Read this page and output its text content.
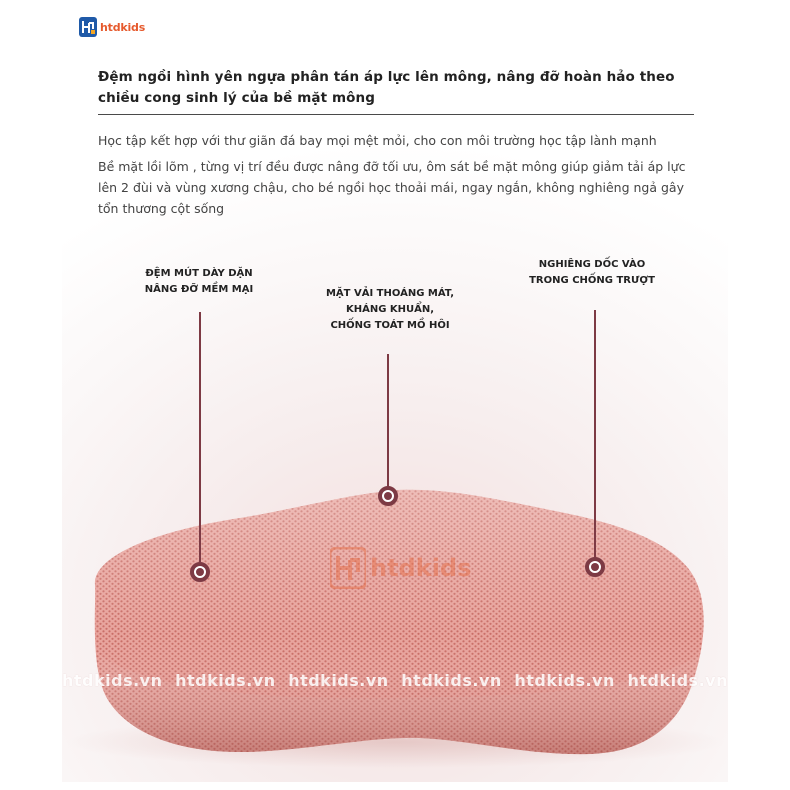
htdkids
Đệm ngồi hình yên ngựa phân tán áp lực lên mông, nâng đỡ hoàn hảo theo chiều cong sinh lý của bề mặt mông
Học tập kết hợp với thư giãn đá bay mọi mệt mỏi, cho con môi trường học tập lành mạnh
Bề mặt lồi lõm , từng vị trí đều được nâng đỡ tối ưu, ôm sát bề mặt mông giúp giảm tải áp lực lên 2 đùi và vùng xương chậu, cho bé ngồi học thoải mái, ngay ngắn, không nghiêng ngả gây tổn thương cột sống
ĐỆM MÚT DÀY DẶN
NÂNG ĐỠ MỀM MẠI	MẶT VẢI THOÁNG MÁT,
KHÁNG KHUẨN,
CHỐNG TOÁT MỒ HÔI
NGHIÊNG DỐC VÀO
TRONG CHỐNG TRƯỢT
htdkids
htdkids.vn htdkids.vn htdkids.vn htdkids.vn htdkids.vn htdkids.vn
